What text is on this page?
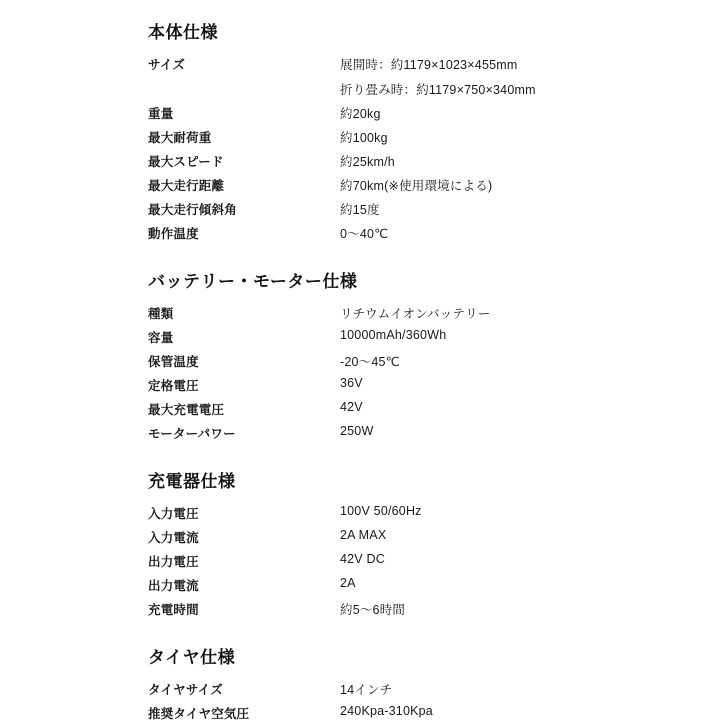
本体仕様
サイズ	展開時：約1179×1023×455mm
折り畳み時：約1179×750×340mm

重量	約20kg

最大耐荷重	約100kg

最大スピード	約25km/h

最大走行距離	約70km(※使用環境による)

最大走行傾斜角	約15度

動作温度	0〜40℃
バッテリー・モーター仕様
種類	リチウムイオンバッテリー

容量	10000mAh/360Wh

保管温度	-20〜45℃

定格電圧	36V

最大充電電圧	42V

モーターパワー	250W
充電器仕様
入力電圧	100V 50/60Hz

入力電流	2A MAX

出力電圧	42V DC

出力電流	2A

充電時間	約5〜6時間
タイヤ仕様
タイヤサイズ	14インチ

推奨タイヤ空気圧	240Kpa-310Kpa
